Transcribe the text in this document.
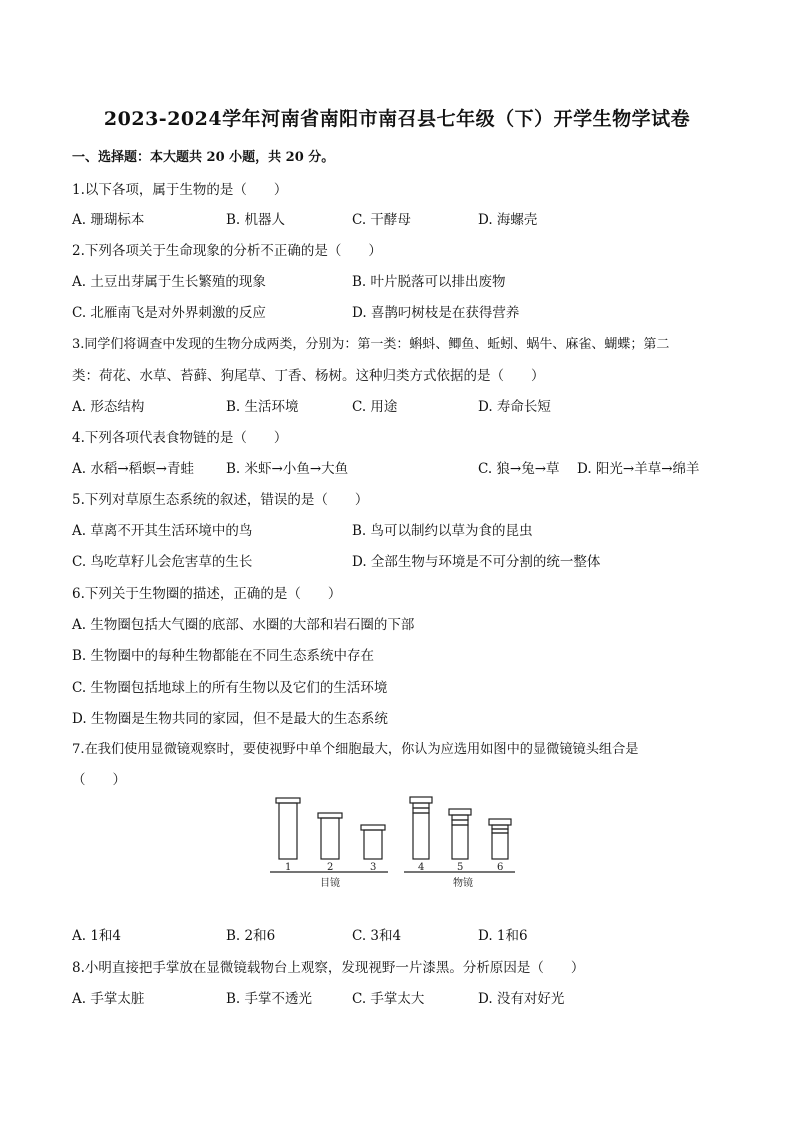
2023-2024学年河南省南阳市南召县七年级（下）开学生物学试卷
一、选择题：本大题共 20 小题，共 20 分。
1.以下各项，属于生物的是（　　）
A. 珊瑚标本	B. 机器人	C. 干酵母	D. 海螺壳
2.下列各项关于生命现象的分析不正确的是（　　）
A. 土豆出芽属于生长繁殖的现象	B. 叶片脱落可以排出废物
C. 北雁南飞是对外界刺激的反应	D. 喜鹊叼树枝是在获得营养
3.同学们将调查中发现的生物分成两类，分别为：第一类：蝌蚪、鲫鱼、蚯蚓、蜗牛、麻雀、蝴蝶；第二
类：荷花、水草、苔藓、狗尾草、丁香、杨树。这种归类方式依据的是（　　）
A. 形态结构	B. 生活环境	C. 用途	D. 寿命长短
4.下列各项代表食物链的是（　　）
A. 水稻→稻螟→青蛙 B. 米虾→小鱼→大鱼	C. 狼→兔→草 D. 阳光→羊草→绵羊
5.下列对草原生态系统的叙述，错误的是（　　）
A. 草离不开其生活环境中的鸟	B. 鸟可以制约以草为食的昆虫
C. 鸟吃草籽儿会危害草的生长	D. 全部生物与环境是不可分割的统一整体
6.下列关于生物圈的描述，正确的是（　　）
A. 生物圈包括大气圈的底部、水圈的大部和岩石圈的下部
B. 生物圈中的每种生物都能在不同生态系统中存在
C. 生物圈包括地球上的所有生物以及它们的生活环境
D. 生物圈是生物共同的家园，但不是最大的生态系统
7.在我们使用显微镜观察时，要使视野中单个细胞最大，你认为应选用如图中的显微镜镜头组合是
（　　）
1	2	3	4	5	6
目镜	物镜
A. 1和4	B. 2和6	C. 3和4	D. 1和6
8.小明直接把手掌放在显微镜载物台上观察，发现视野一片漆黑。分析原因是（　　）
A. 手掌太脏	B. 手掌不透光	C. 手掌太大	D. 没有对好光
